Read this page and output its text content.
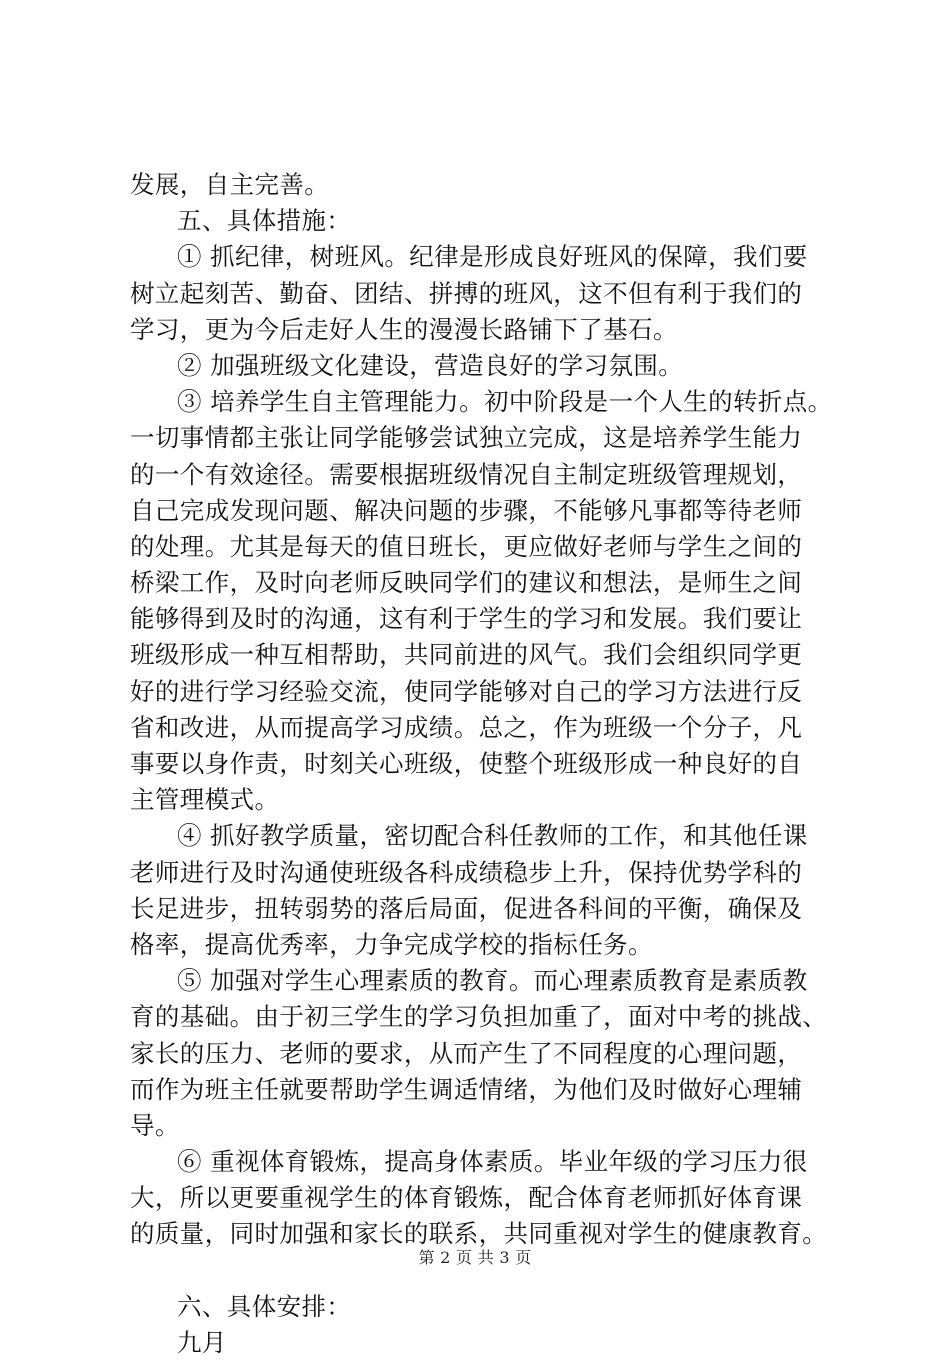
发展，自主完善。
五、具体措施：
① 抓纪律，树班风。纪律是形成良好班风的保障，我们要
树立起刻苦、勤奋、团结、拼搏的班风，这不但有利于我们的
学习，更为今后走好人生的漫漫长路铺下了基石。
② 加强班级文化建设，营造良好的学习氛围。
③ 培养学生自主管理能力。初中阶段是一个人生的转折点。
一切事情都主张让同学能够尝试独立完成，这是培养学生能力
的一个有效途径。需要根据班级情况自主制定班级管理规划，
自己完成发现问题、解决问题的步骤，不能够凡事都等待老师
的处理。尤其是每天的值日班长，更应做好老师与学生之间的
桥梁工作，及时向老师反映同学们的建议和想法，是师生之间
能够得到及时的沟通，这有利于学生的学习和发展。我们要让
班级形成一种互相帮助，共同前进的风气。我们会组织同学更
好的进行学习经验交流，使同学能够对自己的学习方法进行反
省和改进，从而提高学习成绩。总之，作为班级一个分子，凡
事要以身作责，时刻关心班级，使整个班级形成一种良好的自
主管理模式。
④ 抓好教学质量，密切配合科任教师的工作，和其他任课
老师进行及时沟通使班级各科成绩稳步上升，保持优势学科的
长足进步，扭转弱势的落后局面，促进各科间的平衡，确保及
格率，提高优秀率，力争完成学校的指标任务。
⑤ 加强对学生心理素质的教育。而心理素质教育是素质教
育的基础。由于初三学生的学习负担加重了，面对中考的挑战、
家长的压力、老师的要求，从而产生了不同程度的心理问题，
而作为班主任就要帮助学生调适情绪，为他们及时做好心理辅
导。
⑥ 重视体育锻炼，提高身体素质。毕业年级的学习压力很
大，所以更要重视学生的体育锻炼，配合体育老师抓好体育课
的质量，同时加强和家长的联系，共同重视对学生的健康教育。
六、具体安排：
九月
第 2 页 共 3 页
